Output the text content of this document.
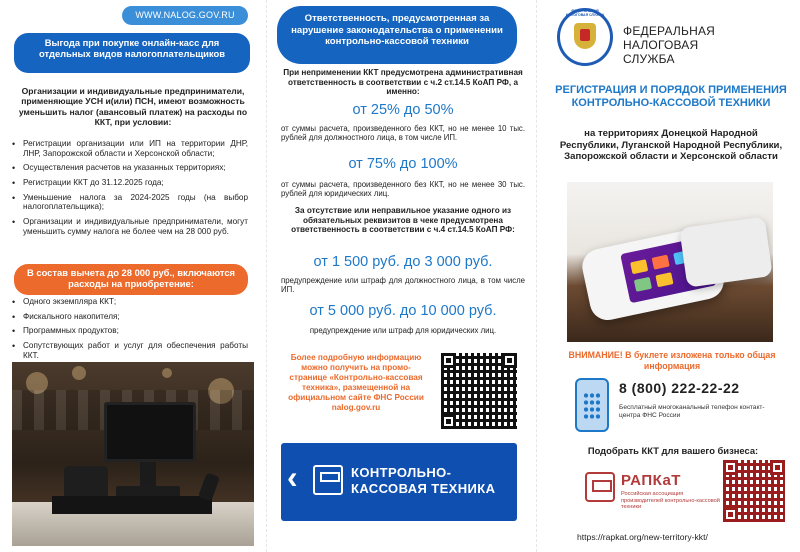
WWW.NALOG.GOV.RU
Выгода при покупке онлайн-касс для отдельных видов налогоплательщиков
Организации и индивидуальные предприниматели, применяющие УСН и(или) ПСН, имеют возможность уменьшить налог (авансовый платеж) на расходы по ККТ, при условии:
• Регистрации организации или ИП на территории ДНР, ЛНР, Запорожской области и Херсонской области;
• Осуществления расчетов на указанных территориях;
• Регистрации ККТ до 31.12.2025 года;
• Уменьшение налога за 2024-2025 годы (на выбор налогоплательщика);
• Организации и индивидуальные предприниматели, могут уменьшить сумму налога не более чем на 28 000 руб.
В состав вычета до 28 000 руб., включаются расходы на приобретение:
• Одного экземпляра ККТ;
• Фискального накопителя;
• Программных продуктов;
• Сопутствующих работ и услуг для обеспечения работы ККТ.
Ответственность, предусмотренная за нарушение законодательства о применении контрольно-кассовой техники
При неприменении ККТ предусмотрена административная ответственность в соответствии с ч.2 ст.14.5 КоАП РФ, а именно:
от 25% до 50%
от суммы расчета, произведенного без ККТ, но не менее 10 тыс. рублей для должностного лица, в том числе ИП.
от 75% до 100%
от суммы расчета, произведенного без ККТ, но не менее 30 тыс. рублей для юридических лиц.
За отсутствие или неправильное указание одного из обязательных реквизитов в чеке предусмотрена ответственность в соответствии с ч.4 ст.14.5 КоАП РФ:
от 1 500 руб. до 3 000 руб.
предупреждение или штраф для должностного лица, в том числе ИП.
от 5 000 руб. до 10 000 руб.
предупреждение или штраф для юридических лиц.
Более подробную информацию можно получить на промо-странице «Контрольно-кассовая техника», размещенной на официальном сайте ФНС России nalog.gov.ru
‹	КОНТРОЛЬНО-КАССОВАЯ ТЕХНИКА
ФЕДЕРАЛЬНАЯ НАЛОГОВАЯ СЛУЖБА
ФЕДЕРАЛЬНАЯ НАЛОГОВАЯ СЛУЖБА
РЕГИСТРАЦИЯ И ПОРЯДОК ПРИМЕНЕНИЯ КОНТРОЛЬНО-КАССОВОЙ ТЕХНИКИ
на территориях Донецкой Народной Республики, Луганской Народной Республики, Запорожской области и Херсонской области
ВНИМАНИЕ! В буклете изложена только общая информация
8 (800) 222-22-22
Бесплатный многоканальный телефон контакт-центра ФНС России
Подобрать ККТ для вашего бизнеса:
РАПКаТ
Российская ассоциация производителей контрольно-кассовой техники
https://rapkat.org/new-territory-kkt/
